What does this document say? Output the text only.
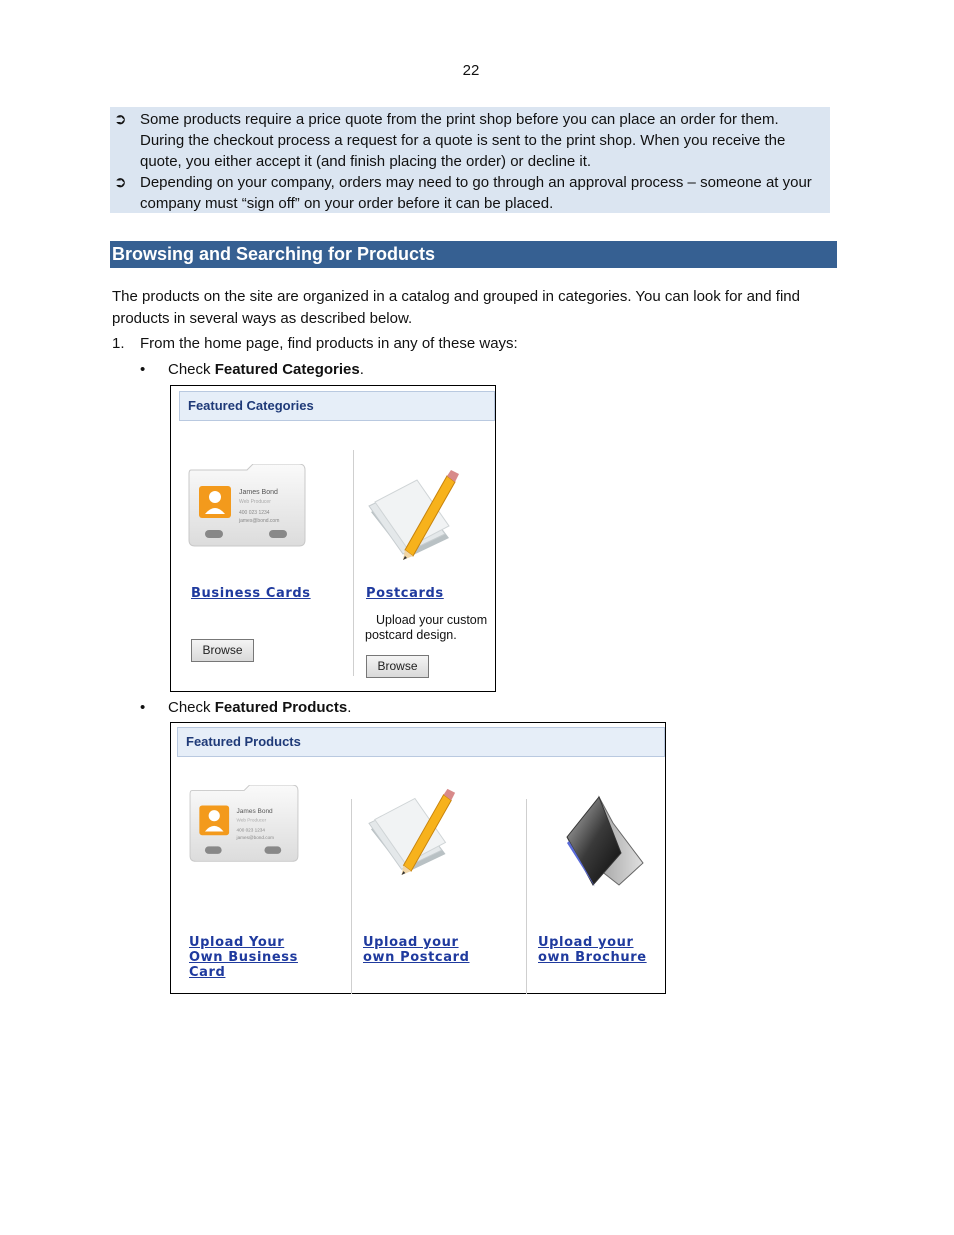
22
➲ Some products require a price quote from the print shop before you can place an order for them. During the checkout process a request for a quote is sent to the print shop. When you receive the quote, you either accept it (and finish placing the order) or decline it.
➲ Depending on your company, orders may need to go through an approval process – someone at your company must “sign off” on your order before it can be placed.
Browsing and Searching for Products
The products on the site are organized in a catalog and grouped in categories. You can look for and find products in several ways as described below.
1. From the home page, find products in any of these ways:
• Check Featured Categories.
Featured Categories
James Bond
Web Producer
400 023 1234
james@bond.com
Business Cards	Postcards
Upload your custom
postcard design.
Browse
Browse
• Check Featured Products.
Featured Products
James Bond
Web Producer
400 023 1234
james@bond.com
Upload Your
Own Business
Card
Upload your
own Postcard
Upload your
own Brochure
